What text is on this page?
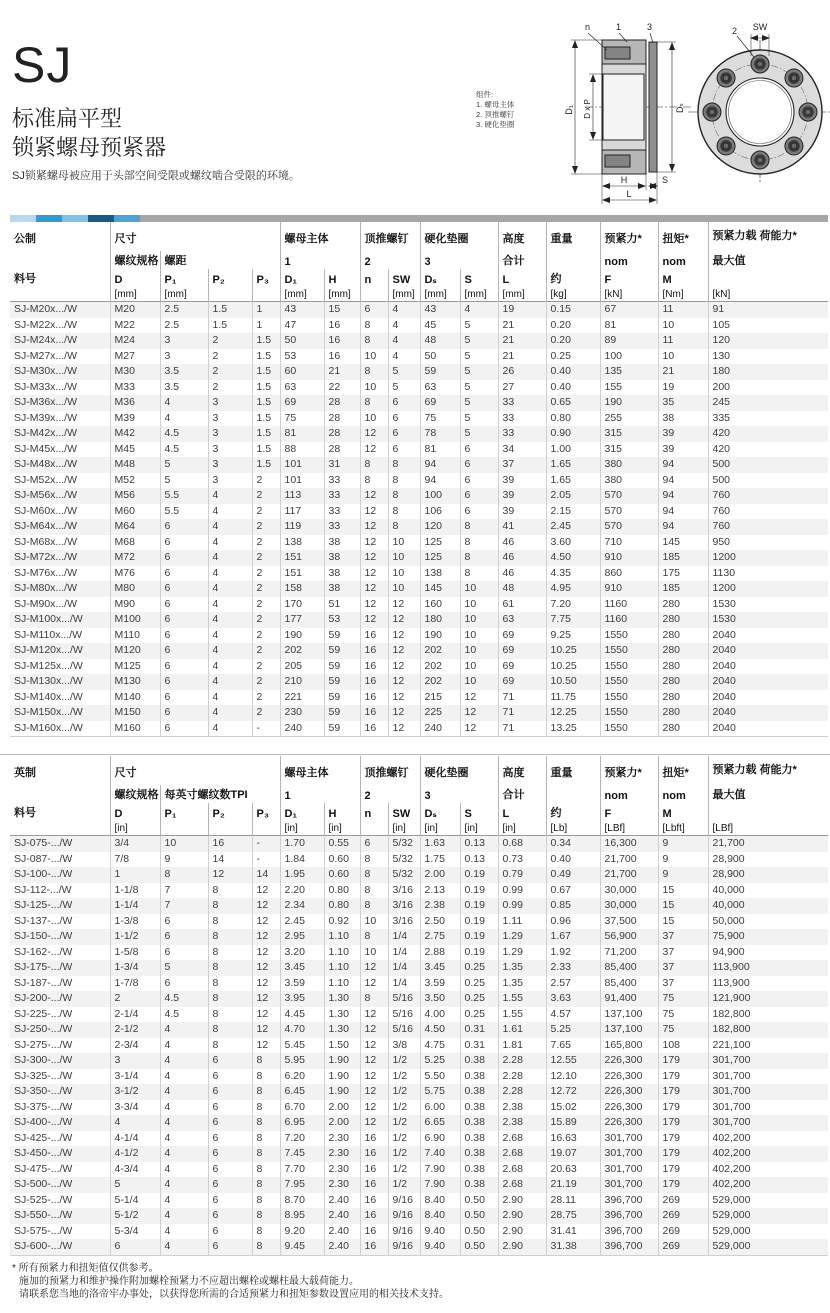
SJ
标准扁平型
锁紧螺母预紧器
SJ锁紧螺母被应用于头部空间受限或螺纹啮合受限的环境。
组件:
1. 螺母主体
2. 顶推螺钉
3. 硬化垫圈
n	1	3
D₁ D x P	Dₛ
H	S
L
2 SW
公制	尺寸				螺母主体		顶推螺钉		硬化垫圈		高度	重量	预紧力*	扭矩*	预紧力载 荷能力*
	螺纹规格	螺距			1		2		3		合计		nom	nom	最大值
料号	D	P₁	P₂	P₃	D₁	H	n	SW	Dₛ	S	L	约	F	M	
	[mm]	[mm]			[mm]	[mm]		[mm]	[mm]	[mm]	[mm]	[kg]	[kN]	[Nm]	[kN]
SJ-M20x.../W	M20	2.5	1.5	1	43	15	6	4	43	4	19	0.15	67	11	91
SJ-M22x.../W	M22	2.5	1.5	1	47	16	8	4	45	5	21	0.20	81	10	105
SJ-M24x.../W	M24	3	2	1.5	50	16	8	4	48	5	21	0.20	89	11	120
SJ-M27x.../W	M27	3	2	1.5	53	16	10	4	50	5	21	0.25	100	10	130
SJ-M30x.../W	M30	3.5	2	1.5	60	21	8	5	59	5	26	0.40	135	21	180
SJ-M33x.../W	M33	3.5	2	1.5	63	22	10	5	63	5	27	0.40	155	19	200
SJ-M36x.../W	M36	4	3	1.5	69	28	8	6	69	5	33	0.65	190	35	245
SJ-M39x.../W	M39	4	3	1.5	75	28	10	6	75	5	33	0.80	255	38	335
SJ-M42x.../W	M42	4.5	3	1.5	81	28	12	6	78	5	33	0.90	315	39	420
SJ-M45x.../W	M45	4.5	3	1.5	88	28	12	6	81	6	34	1.00	315	39	420
SJ-M48x.../W	M48	5	3	1.5	101	31	8	8	94	6	37	1.65	380	94	500
SJ-M52x.../W	M52	5	3	2	101	33	8	8	94	6	39	1.65	380	94	500
SJ-M56x.../W	M56	5.5	4	2	113	33	12	8	100	6	39	2.05	570	94	760
SJ-M60x.../W	M60	5.5	4	2	117	33	12	8	106	6	39	2.15	570	94	760
SJ-M64x.../W	M64	6	4	2	119	33	12	8	120	8	41	2.45	570	94	760
SJ-M68x.../W	M68	6	4	2	138	38	12	10	125	8	46	3.60	710	145	950
SJ-M72x.../W	M72	6	4	2	151	38	12	10	125	8	46	4.50	910	185	1200
SJ-M76x.../W	M76	6	4	2	151	38	12	10	138	8	46	4.35	860	175	1130
SJ-M80x.../W	M80	6	4	2	158	38	12	10	145	10	48	4.95	910	185	1200
SJ-M90x.../W	M90	6	4	2	170	51	12	12	160	10	61	7.20	1160	280	1530
SJ-M100x.../W	M100	6	4	2	177	53	12	12	180	10	63	7.75	1160	280	1530
SJ-M110x.../W	M110	6	4	2	190	59	16	12	190	10	69	9.25	1550	280	2040
SJ-M120x.../W	M120	6	4	2	202	59	16	12	202	10	69	10.25	1550	280	2040
SJ-M125x.../W	M125	6	4	2	205	59	16	12	202	10	69	10.25	1550	280	2040
SJ-M130x.../W	M130	6	4	2	210	59	16	12	202	10	69	10.50	1550	280	2040
SJ-M140x.../W	M140	6	4	2	221	59	16	12	215	12	71	11.75	1550	280	2040
SJ-M150x.../W	M150	6	4	2	230	59	16	12	225	12	71	12.25	1550	280	2040
SJ-M160x.../W	M160	6	4	-	240	59	16	12	240	12	71	13.25	1550	280	2040
英制	尺寸				螺母主体		顶推螺钉		硬化垫圈		高度	重量	预紧力*	扭矩*	预紧力载 荷能力*
	螺纹规格	每英寸螺纹数TPI			1		2		3		合计		nom	nom	最大值
料号	D	P₁	P₂	P₃	D₁	H	n	SW	Dₛ	S	L	约	F	M	
	[in]				[in]	[in]		[in]	[in]	[in]	[in]	[Lb]	[LBf]	[Lbft]	[LBf]
SJ-075-.../W	3/4	10	16	-	1.70	0.55	6	5/32	1.63	0.13	0.68	0.34	16,300	9	21,700
SJ-087-.../W	7/8	9	14	-	1.84	0.60	8	5/32	1.75	0.13	0.73	0.40	21,700	9	28,900
SJ-100-.../W	1	8	12	14	1.95	0.60	8	5/32	2.00	0.19	0.79	0.49	21,700	9	28,900
SJ-112-.../W	1-1/8	7	8	12	2.20	0.80	8	3/16	2.13	0.19	0.99	0.67	30,000	15	40,000
SJ-125-.../W	1-1/4	7	8	12	2.34	0.80	8	3/16	2.38	0.19	0.99	0.85	30,000	15	40,000
SJ-137-.../W	1-3/8	6	8	12	2.45	0.92	10	3/16	2.50	0.19	1.11	0.96	37,500	15	50,000
SJ-150-.../W	1-1/2	6	8	12	2.95	1.10	8	1/4	2.75	0.19	1.29	1.67	56,900	37	75,900
SJ-162-.../W	1-5/8	6	8	12	3.20	1.10	10	1/4	2.88	0.19	1.29	1.92	71,200	37	94,900
SJ-175-.../W	1-3/4	5	8	12	3.45	1.10	12	1/4	3.45	0.25	1.35	2.33	85,400	37	113,900
SJ-187-.../W	1-7/8	6	8	12	3.59	1.10	12	1/4	3.59	0.25	1.35	2.57	85,400	37	113,900
SJ-200-.../W	2	4.5	8	12	3.95	1.30	8	5/16	3.50	0.25	1.55	3.63	91,400	75	121,900
SJ-225-.../W	2-1/4	4.5	8	12	4.45	1.30	12	5/16	4.00	0.25	1.55	4.57	137,100	75	182,800
SJ-250-.../W	2-1/2	4	8	12	4.70	1.30	12	5/16	4.50	0.31	1.61	5.25	137,100	75	182,800
SJ-275-.../W	2-3/4	4	8	12	5.45	1.50	12	3/8	4.75	0.31	1.81	7.65	165,800	108	221,100
SJ-300-.../W	3	4	6	8	5.95	1.90	12	1/2	5.25	0.38	2.28	12.55	226,300	179	301,700
SJ-325-.../W	3-1/4	4	6	8	6.20	1.90	12	1/2	5.50	0.38	2.28	12.10	226,300	179	301,700
SJ-350-.../W	3-1/2	4	6	8	6.45	1.90	12	1/2	5.75	0.38	2.28	12.72	226,300	179	301,700
SJ-375-.../W	3-3/4	4	6	8	6.70	2.00	12	1/2	6.00	0.38	2.38	15.02	226,300	179	301,700
SJ-400-.../W	4	4	6	8	6.95	2.00	12	1/2	6.65	0.38	2.38	15.89	226,300	179	301,700
SJ-425-.../W	4-1/4	4	6	8	7.20	2.30	16	1/2	6.90	0.38	2.68	16.63	301,700	179	402,200
SJ-450-.../W	4-1/2	4	6	8	7.45	2.30	16	1/2	7.40	0.38	2.68	19.07	301,700	179	402,200
SJ-475-.../W	4-3/4	4	6	8	7.70	2.30	16	1/2	7.90	0.38	2.68	20.63	301,700	179	402,200
SJ-500-.../W	5	4	6	8	7.95	2.30	16	1/2	7.90	0.38	2.68	21.19	301,700	179	402,200
SJ-525-.../W	5-1/4	4	6	8	8.70	2.40	16	9/16	8.40	0.50	2.90	28.11	396,700	269	529,000
SJ-550-.../W	5-1/2	4	6	8	8.95	2.40	16	9/16	8.40	0.50	2.90	28.75	396,700	269	529,000
SJ-575-.../W	5-3/4	4	6	8	9.20	2.40	16	9/16	9.40	0.50	2.90	31.41	396,700	269	529,000
SJ-600-.../W	6	4	6	8	9.45	2.40	16	9/16	9.40	0.50	2.90	31.38	396,700	269	529,000
* 所有预紧力和扭矩值仅供参考。
施加的预紧力和维护操作附加螺栓预紧力不应超出螺栓或螺柱最大载荷能力。
请联系您当地的洛帝牢办事处，以获得您所需的合适预紧力和扭矩参数设置应用的相关技术支持。
